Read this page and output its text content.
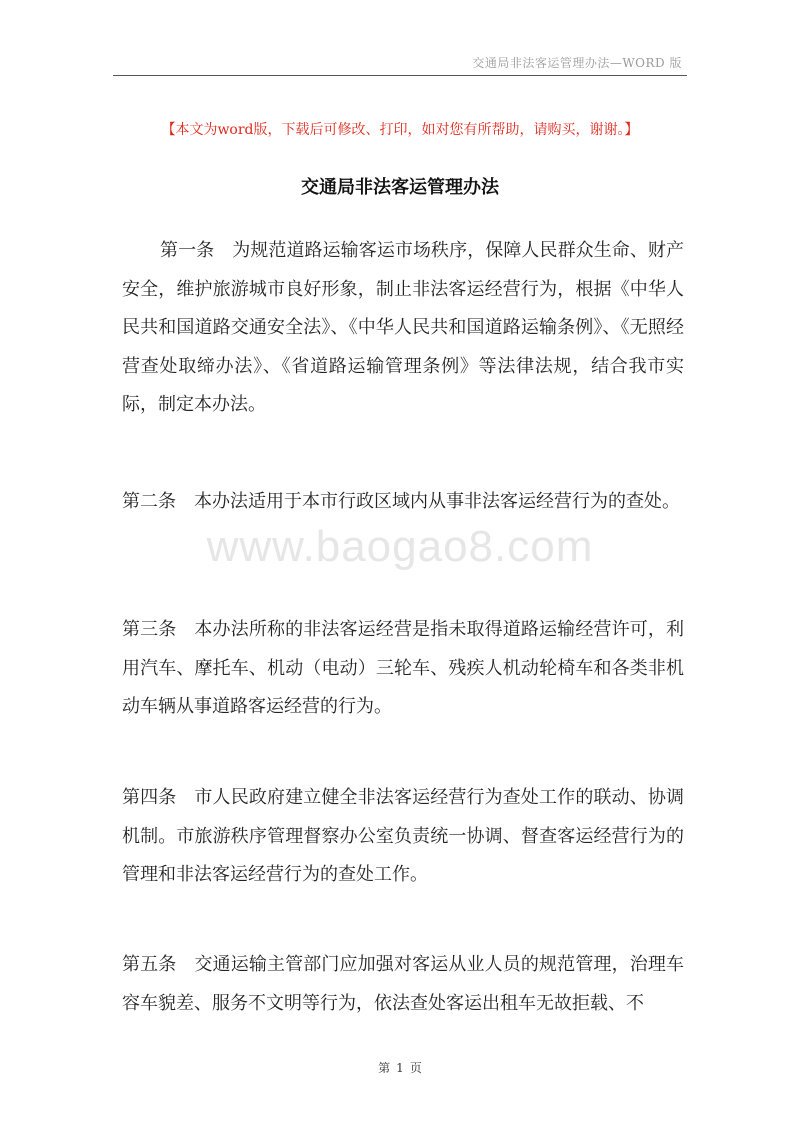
交通局非法客运管理办法—WORD 版
【本文为word版，下载后可修改、打印，如对您有所帮助，请购买，谢谢。】
交通局非法客运管理办法
第一条 为规范道路运输客运市场秩序，保障人民群众生命、财产安全，维护旅游城市良好形象，制止非法客运经营行为，根据《中华人民共和国道路交通安全法》、《中华人民共和国道路运输条例》、《无照经营查处取缔办法》、《省道路运输管理条例》等法律法规，结合我市实际，制定本办法。
第二条 本办法适用于本市行政区域内从事非法客运经营行为的查处。
www.baogao8.com
第三条 本办法所称的非法客运经营是指未取得道路运输经营许可，利用汽车、摩托车、机动（电动）三轮车、残疾人机动轮椅车和各类非机动车辆从事道路客运经营的行为。
第四条 市人民政府建立健全非法客运经营行为查处工作的联动、协调机制。市旅游秩序管理督察办公室负责统一协调、督查客运经营行为的管理和非法客运经营行为的查处工作。
第五条 交通运输主管部门应加强对客运从业人员的规范管理，治理车容车貌差、服务不文明等行为，依法查处客运出租车无故拒载、不
第 1 页
